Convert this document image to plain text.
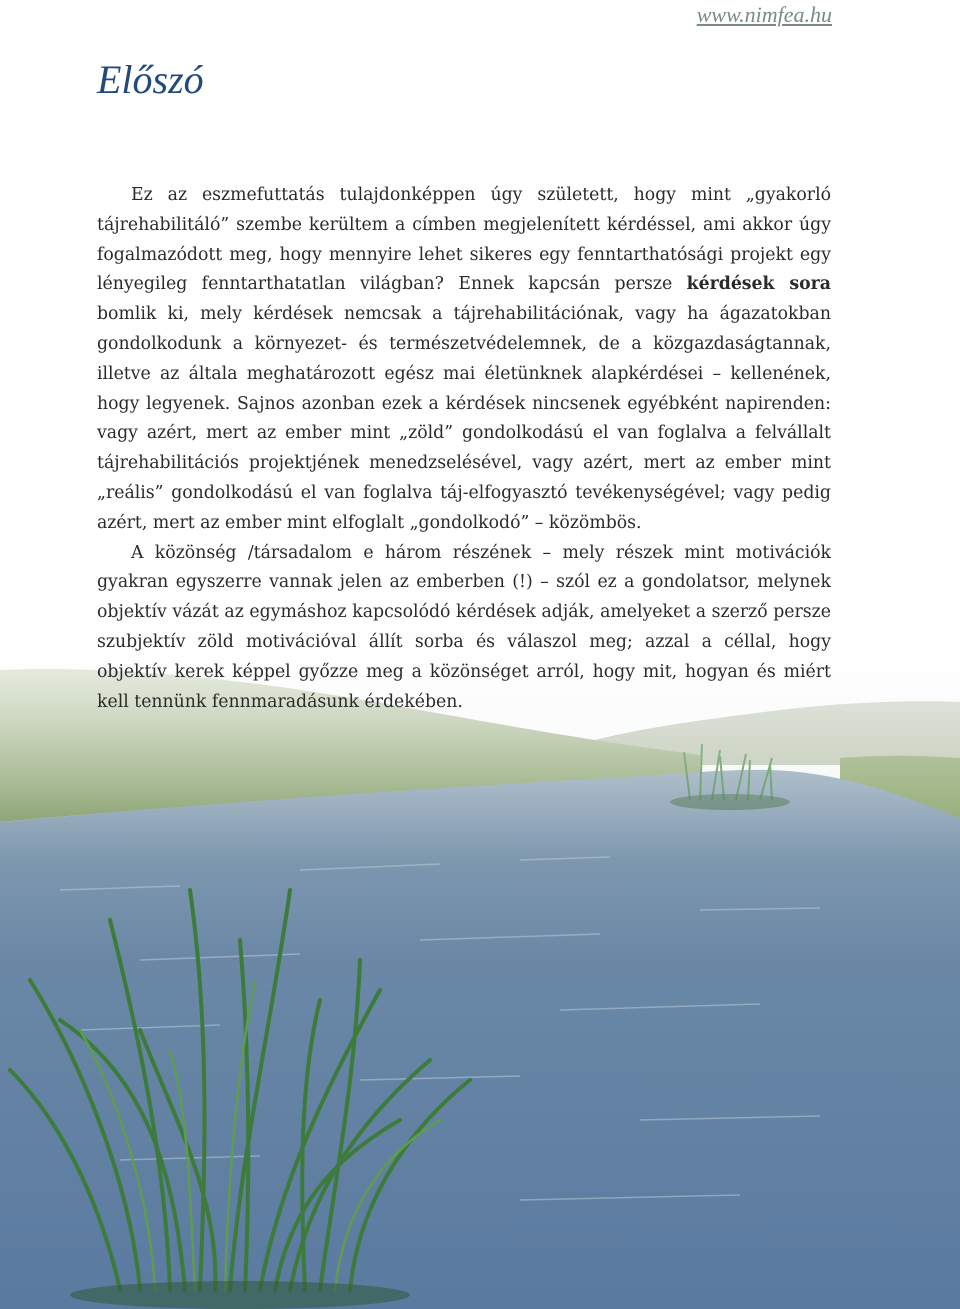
www.nimfea.hu
Előszó

Ez az eszmefuttatás tulajdonképpen úgy született, hogy mint „gyakorló tájrehabilitáló” szembe kerültem a címben megjelenített kérdéssel, ami akkor úgy fogalmazódott meg, hogy mennyire lehet sikeres egy fenntarthatósági projekt egy lényegileg fenntarthatatlan világban? Ennek kapcsán persze kérdések sora bomlik ki, mely kérdések nemcsak a tájrehabilitációnak, vagy ha ágazatokban gondolkodunk a környezet- és természetvédelemnek, de a közgazdaságtannak, illetve az általa meghatározott egész mai életünknek alapkérdései – kellenének, hogy legyenek. Sajnos azonban ezek a kérdések nincsenek egyébként napirenden: vagy azért, mert az ember mint „zöld” gondolkodású el van foglalva a felvállalt tájrehabilitációs projektjének menedzselésével, vagy azért, mert az ember mint „reális” gondolkodású el van foglalva táj-elfogyasztó tevékenységével; vagy pedig azért, mert az ember mint elfoglalt „gondolkodó” – közömbös.

A közönség /társadalom e három részének – mely részek mint motivációk gyakran egyszerre vannak jelen az emberben (!) – szól ez a gondolatsor, melynek objektív vázát az egymáshoz kapcsolódó kérdések adják, amelyeket a szerző persze szubjektív zöld motivációval állít sorba és válaszol meg; azzal a céllal, hogy objektív kerek képpel győzze meg a közönséget arról, hogy mit, hogyan és miért kell tennünk fennmaradásunk érdekében.
